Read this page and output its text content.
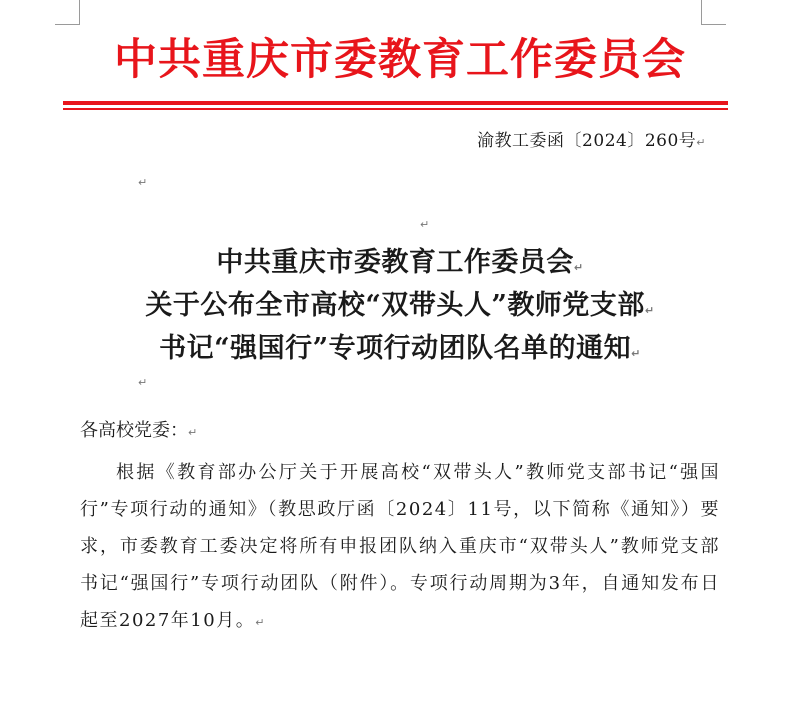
中共重庆市委教育工作委员会
渝教工委函〔2024〕260号↵
↵
↵
中共重庆市委教育工作委员会↵
关于公布全市高校“双带头人”教师党支部↵
书记“强国行”专项行动团队名单的通知↵
↵
各高校党委：↵
根据《教育部办公厅关于开展高校“双带头人”教师党支部书记“强国行”专项行动的通知》（教思政厅函〔2024〕11号，以下简称《通知》）要求，市委教育工委决定将所有申报团队纳入重庆市“双带头人”教师党支部书记“强国行”专项行动团队（附件）。专项行动周期为3年，自通知发布日起至2027年10月。↵
